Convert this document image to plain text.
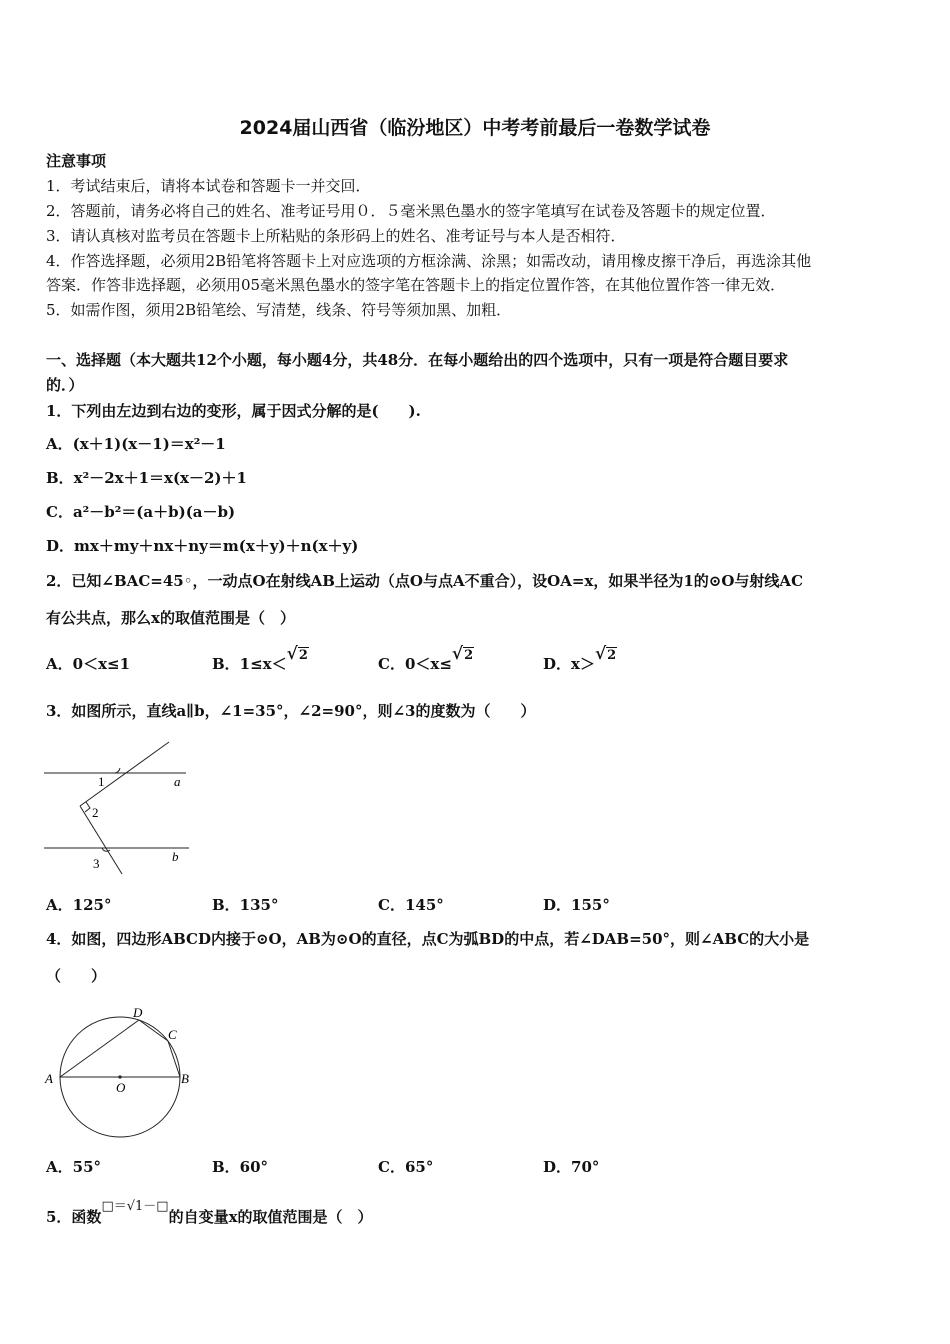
2024届山西省（临汾地区）中考考前最后一卷数学试卷
注意事项
1．考试结束后，请将本试卷和答题卡一并交回．
2．答题前，请务必将自己的姓名、准考证号用０．５毫米黑色墨水的签字笔填写在试卷及答题卡的规定位置．
3．请认真核对监考员在答题卡上所粘贴的条形码上的姓名、准考证号与本人是否相符．
4．作答选择题，必须用2B铅笔将答题卡上对应选项的方框涂满、涂黑；如需改动，请用橡皮擦干净后，再选涂其他
答案．作答非选择题，必须用05毫米黑色墨水的签字笔在答题卡上的指定位置作答，在其他位置作答一律无效．
5．如需作图，须用2B铅笔绘、写清楚，线条、符号等须加黑、加粗．
一、选择题（本大题共12个小题，每小题4分，共48分．在每小题给出的四个选项中，只有一项是符合题目要求
的．）
1．下列由左边到右边的变形，属于因式分解的是(　　).
A．(x＋1)(x－1)＝x²－1
B．x²－2x＋1＝x(x－2)＋1
C．a²－b²＝(a＋b)(a－b)
D．mx＋my＋nx＋ny＝m(x＋y)＋n(x＋y)
2．已知∠BAC=45◦，一动点O在射线AB上运动（点O与点A不重合），设OA=x，如果半径为1的⊙O与射线AC
有公共点，那么x的取值范围是（　）
A．0＜x≤1	B．1≤x＜√2	C．0＜x≤√2	D．x＞√2
3．如图所示，直线a∥b，∠1=35°，∠2=90°，则∠3的度数为（　　）
1
2
3
a
b
A．125°	B．135°	C．145°	D．155°
4．如图，四边形ABCD内接于⊙O，AB为⊙O的直径，点C为弧BD的中点，若∠DAB=50°，则∠ABC的大小是
（　　）
A	B
C
D
O
A．55°	B．60°	C．65°	D．70°
5．函数□＝√1－□的自变量x的取值范围是（　）
